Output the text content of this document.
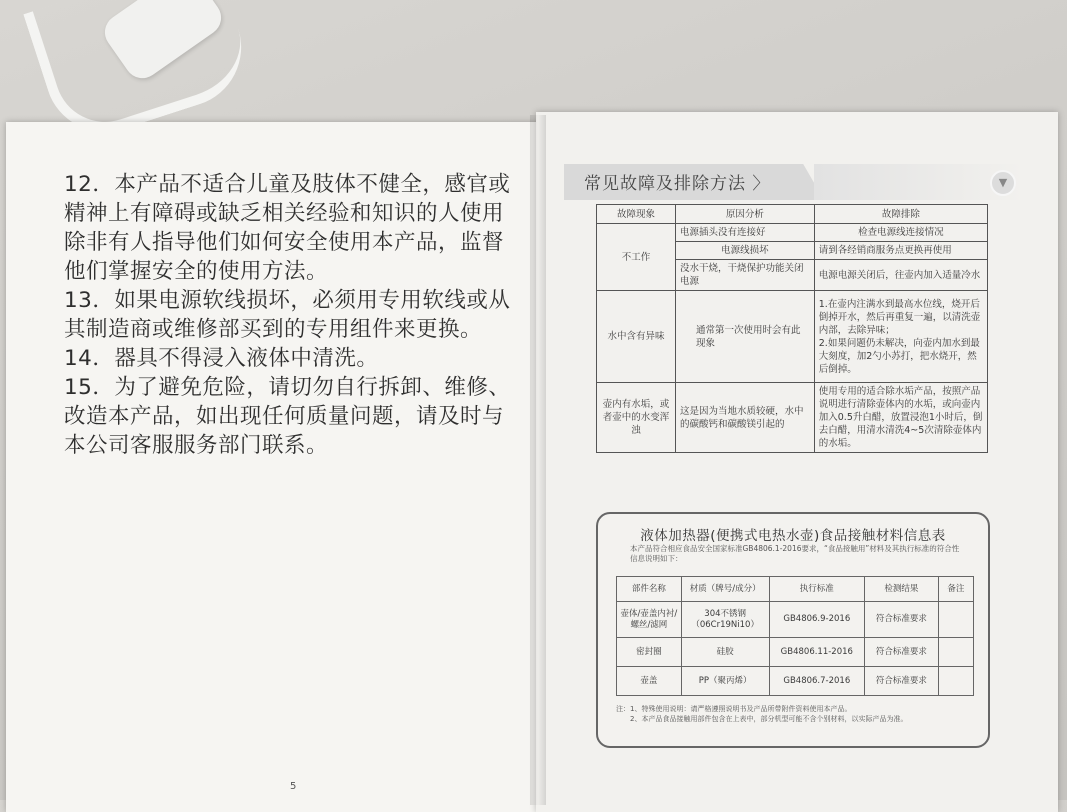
12．本产品不适合儿童及肢体不健全，感官或精神上有障碍或缺乏相关经验和知识的人使用除非有人指导他们如何安全使用本产品，监督他们掌握安全的使用方法。

13．如果电源软线损坏，必须用专用软线或从其制造商或维修部买到的专用组件来更换。

14．器具不得浸入液体中清洗。

15．为了避免危险，请切勿自行拆卸、维修、改造本产品，如出现任何质量问题，请及时与本公司客服服务部门联系。

5
常见故障及排除方法 〉	▼
故障现象	原因分析	故障排除
不工作	电源插头没有连接好	检查电源线连接情况
	电源线损坏	请到各经销商服务点更换再使用
	没水干烧，干烧保护功能关闭电源	电源电源关闭后，往壶内加入适量冷水
水中含有异味	通常第一次使用时会有此现象	1.在壶内注满水到最高水位线，烧开后倒掉开水，然后再重复一遍，以清洗壶内部，去除异味；
2.如果问题仍未解决，向壶内加水到最大刻度，加2勺小苏打，把水烧开，然后倒掉。
壶内有水垢，或者壶中的水变浑浊	这是因为当地水质较硬，水中的碳酸钙和碳酸镁引起的	使用专用的适合除水垢产品，按照产品说明进行清除壶体内的水垢，或向壶内加入0.5升白醋，放置浸泡1小时后，倒去白醋，用清水清洗4~5次清除壶体内的水垢。
液体加热器(便携式电热水壶)食品接触材料信息表
本产品符合相应食品安全国家标准GB4806.1-2016要求，“食品接触用”材料及其执行标准的符合性信息说明如下：
部件名称	材质（牌号/成分）	执行标准	检测结果	备注
壶体/壶盖内衬/螺丝/滤网	304不锈钢（06Cr19Ni10）	GB4806.9-2016	符合标准要求	
密封圈	硅胶	GB4806.11-2016	符合标准要求	
壶盖	PP（聚丙烯）	GB4806.7-2016	符合标准要求	
注：1、特殊使用说明：请严格遵照说明书及产品所带附件资料使用本产品。
2、本产品食品接触用部件包含在上表中，部分机型可能不含个别材料，以实际产品为准。
